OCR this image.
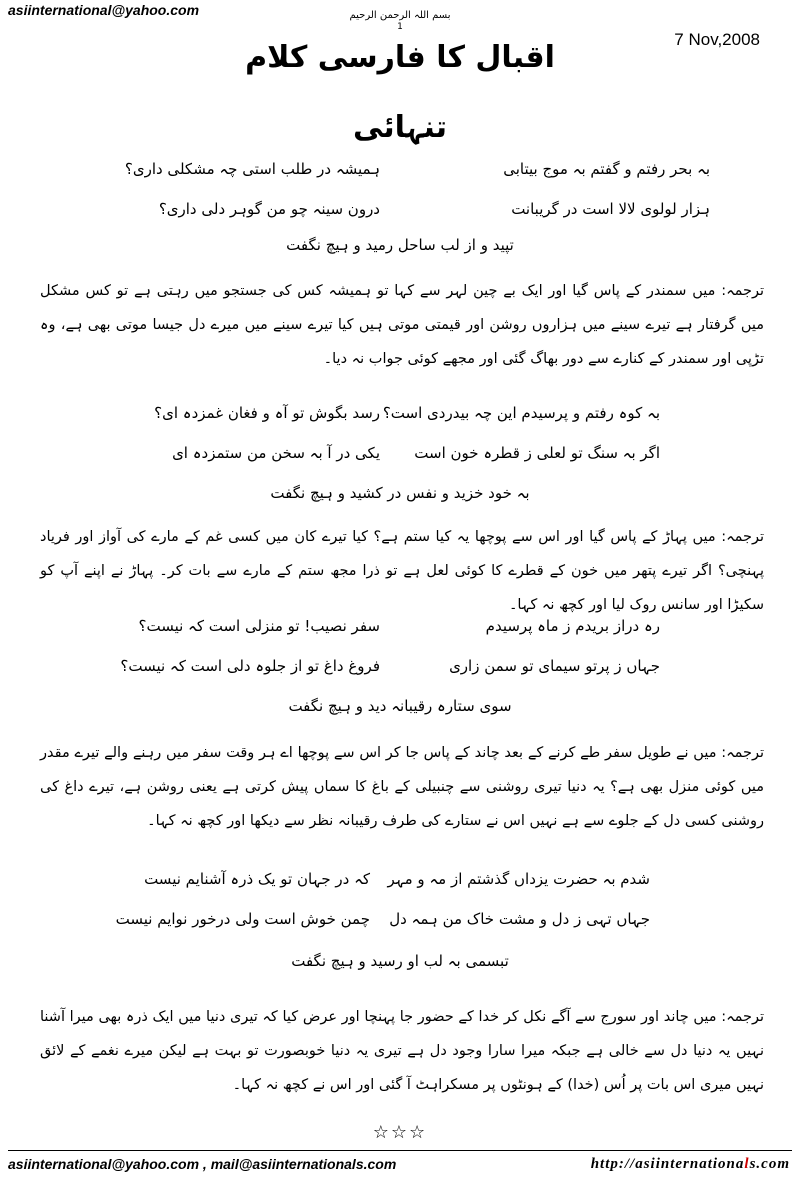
asiinternational@yahoo.com	بسم اللہ الرحمن الرحیم
1
7 Nov,2008
اقبال کا فارسی کلام
تنہائی
بہ بحر رفتم و گفتم بہ موج بیتابی
ہمیشہ در طلب استی چہ مشکلی داری؟
ہزار لولوی لالا است در گریبانت
درون سینہ چو من گوہر دلی داری؟
تپید و از لب ساحل رمید و ہیچ نگفت
ترجمہ: میں سمندر کے پاس گیا اور ایک بے چین لہر سے کہا تو ہمیشہ کس کی جستجو میں رہتی ہے تو کس مشکل میں گرفتار ہے تیرے سینے میں ہزاروں روشن اور قیمتی موتی ہیں کیا تیرے سینے میں میرے دل جیسا موتی بھی ہے، وہ تڑپی اور سمندر کے کنارے سے دور بھاگ گئی اور مجھے کوئی جواب نہ دیا۔
بہ کوہ رفتم و پرسیدم این چہ بیدردی است؟
رسد بگوش تو آہ و فغان غمزدہ ای؟
اگر بہ سنگ تو لعلی ز قطرہ خون است
یکی در آ بہ سخن من ستمزدہ ای
بہ خود خزید و نفس در کشید و ہیچ نگفت
ترجمہ: میں پہاڑ کے پاس گیا اور اس سے پوچھا یہ کیا ستم ہے؟ کیا تیرے کان میں کسی غم کے مارے کی آواز اور فریاد پہنچی؟ اگر تیرے پتھر میں خون کے قطرے کا کوئی لعل ہے تو ذرا مجھ ستم کے مارے سے بات کر۔ پہاڑ نے اپنے آپ کو سکیڑا اور سانس روک لیا اور کچھ نہ کہا۔
رہ دراز بریدم ز ماہ پرسیدم
سفر نصیب! تو منزلی است کہ نیست؟
جہاں ز پرتو سیمای تو سمن زاری
فروغ داغ تو از جلوہ دلی است کہ نیست؟
سوی ستارہ رقیبانہ دید و ہیچ نگفت
ترجمہ: میں نے طویل سفر طے کرنے کے بعد چاند کے پاس جا کر اس سے پوچھا اے ہر وقت سفر میں رہنے والے تیرے مقدر میں کوئی منزل بھی ہے؟ یہ دنیا تیری روشنی سے چنبیلی کے باغ کا سماں پیش کرتی ہے یعنی روشن ہے، تیرے داغ کی روشنی کسی دل کے جلوے سے ہے نہیں اس نے ستارے کی طرف رقیبانہ نظر سے دیکھا اور کچھ نہ کہا۔
شدم بہ حضرت یزداں گذشتم از مہ و مہر
کہ در جہان تو یک ذرہ آشنایم نیست
جہاں تہی ز دل و مشت خاک من ہمہ دل
چمن خوش است ولی درخور نوایم نیست
تبسمی بہ لب او رسید و ہیچ نگفت
ترجمہ: میں چاند اور سورج سے آگے نکل کر خدا کے حضور جا پہنچا اور عرض کیا کہ تیری دنیا میں ایک ذرہ بھی میرا آشنا نہیں یہ دنیا دل سے خالی ہے جبکہ میرا سارا وجود دل ہے تیری یہ دنیا خوبصورت تو بہت ہے لیکن میرے نغمے کے لائق نہیں میری اس بات پر اُس (خدا) کے ہونٹوں پر مسکراہٹ آ گئی اور اس نے کچھ نہ کہا۔
☆☆☆
asiinternational@yahoo.com , mail@asiinternationals.com	http://asiinternationals.com
